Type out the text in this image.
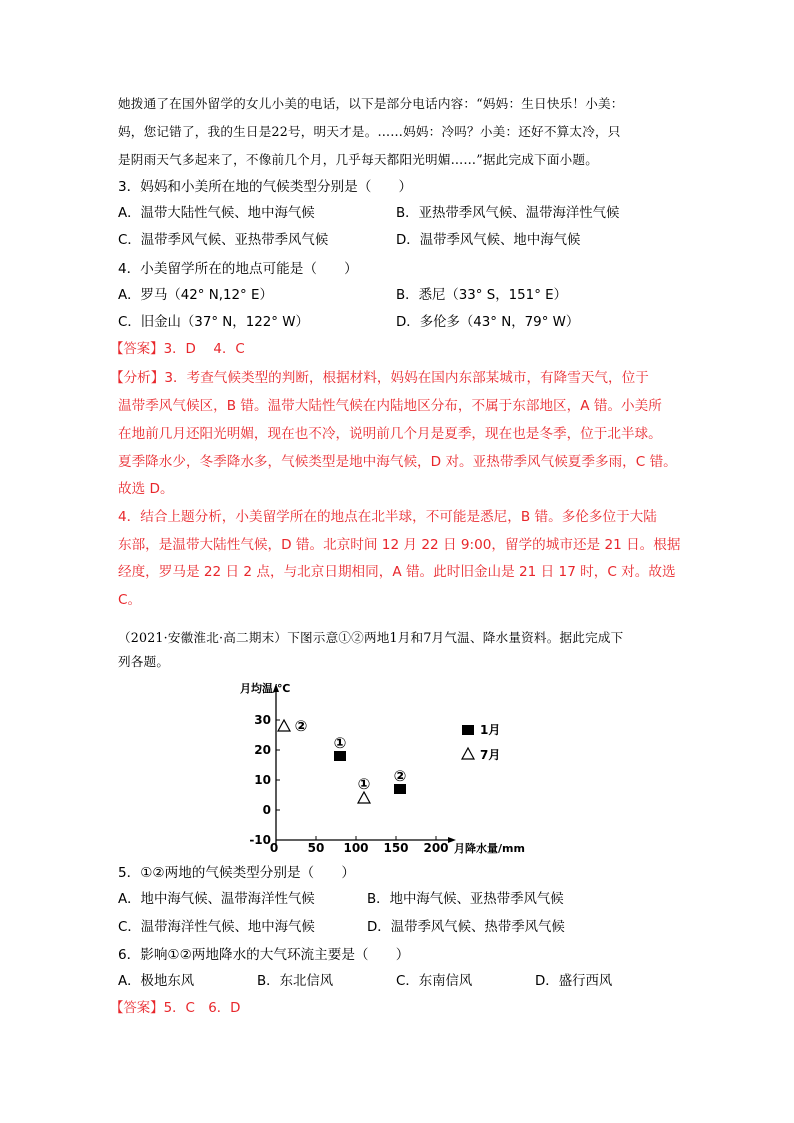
她拨通了在国外留学的女儿小美的电话，以下是部分电话内容：“妈妈：生日快乐！小美：
妈，您记错了，我的生日是22号，明天才是。……妈妈：冷吗？小美：还好不算太冷，只
是阴雨天气多起来了，不像前几个月，几乎每天都阳光明媚……”据此完成下面小题。
3．妈妈和小美所在地的气候类型分别是（　　）
A．温带大陆性气候、地中海气候	B．亚热带季风气候、温带海洋性气候
C．温带季风气候、亚热带季风气候	D．温带季风气候、地中海气候
4．小美留学所在的地点可能是（　　）
A．罗马（42° N,12° E）	B．悉尼（33° S，151° E）
C．旧金山（37° N，122° W）	D．多伦多（43° N，79° W）
【答案】3．D　 4．C
【分析】3．考查气候类型的判断，根据材料，妈妈在国内东部某城市，有降雪天气，位于
温带季风气候区，B 错。温带大陆性气候在内陆地区分布，不属于东部地区，A 错。小美所
在地前几月还阳光明媚，现在也不冷，说明前几个月是夏季，现在也是冬季，位于北半球。
夏季降水少，冬季降水多，气候类型是地中海气候，D 对。亚热带季风气候夏季多雨，C 错。
故选 D。
4．结合上题分析，小美留学所在的地点在北半球，不可能是悉尼，B 错。多伦多位于大陆
东部，是温带大陆性气候，D 错。北京时间 12 月 22 日 9:00，留学的城市还是 21 日。根据
经度，罗马是 22 日 2 点，与北京日期相同，A 错。此时旧金山是 21 日 17 时，C 对。故选
C。
（2021·安徽淮北·高二期末）下图示意①②两地1月和7月气温、降水量资料。据此完成下
列各题。
30
20
10
0
-10
0 50 100 150 200
月均温/℃
月降水量/mm
①
②
②
①
1月
7月
5．①②两地的气候类型分别是（　　）
A．地中海气候、温带海洋性气候	B．地中海气候、亚热带季风气候
C．温带海洋性气候、地中海气候	D．温带季风气候、热带季风气候
6．影响①②两地降水的大气环流主要是（　　）
A．极地东风	B．东北信风	C．东南信风	D．盛行西风
【答案】5．C　6．D
